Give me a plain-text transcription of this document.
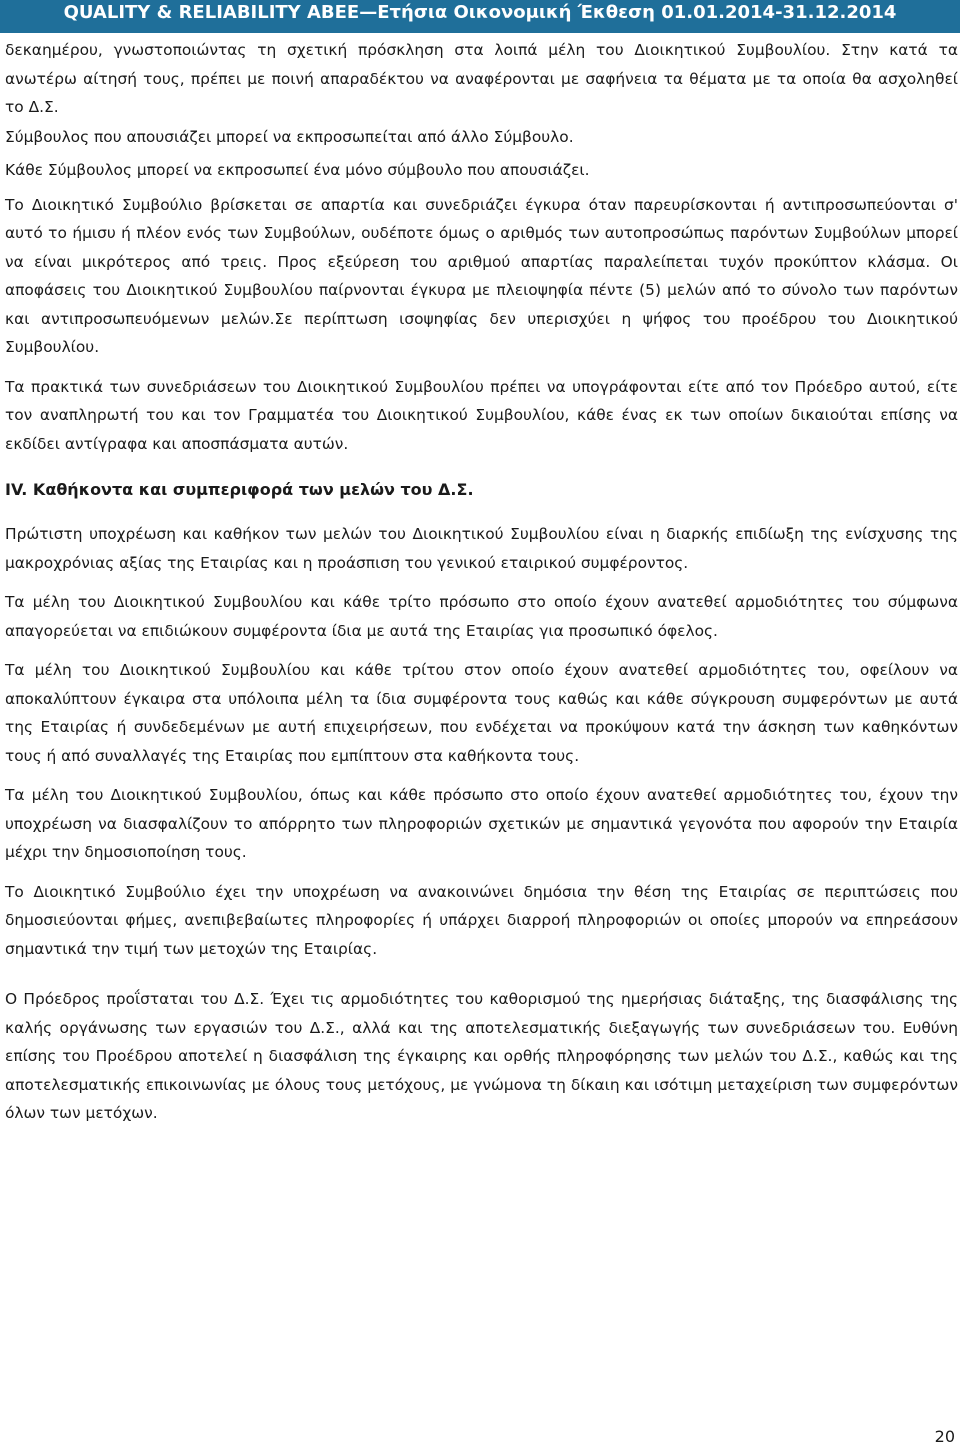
QUALITY & RELIABILITY ABEE—Ετήσια Οικονομική Έκθεση 01.01.2014-31.12.2014

δεκαημέρου, γνωστοποιώντας τη σχετική πρόσκληση στα λοιπά μέλη του Διοικητικού Συμβουλίου. Στην κατά τα ανωτέρω αίτησή τους, πρέπει με ποινή απαραδέκτου να αναφέρονται με σαφήνεια τα θέματα με τα οποία θα ασχοληθεί το Δ.Σ.

Σύμβουλος που απουσιάζει μπορεί να εκπροσωπείται από άλλο Σύμβουλο.

Κάθε Σύμβουλος μπορεί να εκπροσωπεί ένα μόνο σύμβουλο που απουσιάζει.

Το Διοικητικό Συμβούλιο βρίσκεται σε απαρτία και συνεδριάζει έγκυρα όταν παρευρίσκονται ή αντιπροσωπεύονται σ' αυτό το ήμισυ ή πλέον ενός των Συμβούλων, ουδέποτε όμως ο αριθμός των αυτοπροσώπως παρόντων Συμβούλων μπορεί να είναι μικρότερος από τρεις. Προς εξεύρεση του αριθμού απαρτίας παραλείπεται τυχόν προκύπτον κλάσμα. Οι αποφάσεις του Διοικητικού Συμβουλίου παίρνονται έγκυρα με πλειοψηφία πέντε (5) μελών από το σύνολο των παρόντων και αντιπροσωπευόμενων μελών.Σε περίπτωση ισοψηφίας δεν υπερισχύει η ψήφος του προέδρου του Διοικητικού Συμβουλίου.

Τα πρακτικά των συνεδριάσεων του Διοικητικού Συμβουλίου πρέπει να υπογράφονται είτε από τον Πρόεδρο αυτού, είτε τον αναπληρωτή του και τον Γραμματέα του Διοικητικού Συμβουλίου, κάθε ένας εκ των οποίων δικαιούται επίσης να εκδίδει αντίγραφα και αποσπάσματα αυτών.

IV. Καθήκοντα και συμπεριφορά των μελών του Δ.Σ.

Πρώτιστη υποχρέωση και καθήκον των μελών του Διοικητικού Συμβουλίου είναι η διαρκής επιδίωξη της ενίσχυσης της μακροχρόνιας αξίας της Εταιρίας και η προάσπιση του γενικού εταιρικού συμφέροντος.

Τα μέλη του Διοικητικού Συμβουλίου και κάθε τρίτο πρόσωπο στο οποίο έχουν ανατεθεί αρμοδιότητες του σύμφωνα απαγορεύεται να επιδιώκουν συμφέροντα ίδια με αυτά της Εταιρίας για προσωπικό όφελος.

Τα μέλη του Διοικητικού Συμβουλίου και κάθε τρίτου στον οποίο έχουν ανατεθεί αρμοδιότητες του, οφείλουν να αποκαλύπτουν έγκαιρα στα υπόλοιπα μέλη τα ίδια συμφέροντα τους καθώς και κάθε σύγκρουση συμφερόντων με αυτά της Εταιρίας ή συνδεδεμένων με αυτή επιχειρήσεων, που ενδέχεται να προκύψουν κατά την άσκηση των καθηκόντων τους ή από συναλλαγές της Εταιρίας που εμπίπτουν στα καθήκοντα τους.

Τα μέλη του Διοικητικού Συμβουλίου, όπως και κάθε πρόσωπο στο οποίο έχουν ανατεθεί αρμοδιότητες του, έχουν την υποχρέωση να διασφαλίζουν το απόρρητο των πληροφοριών σχετικών με σημαντικά γεγονότα που αφορούν την Εταιρία μέχρι την δημοσιοποίηση τους.

Το Διοικητικό Συμβούλιο έχει την υποχρέωση να ανακοινώνει δημόσια την θέση της Εταιρίας σε περιπτώσεις που δημοσιεύονται φήμες, ανεπιβεβαίωτες πληροφορίες ή υπάρχει διαρροή πληροφοριών οι οποίες μπορούν να επηρεάσουν σημαντικά την τιμή των μετοχών της Εταιρίας.

Ο Πρόεδρος προΐσταται του Δ.Σ. Έχει τις αρμοδιότητες του καθορισμού της ημερήσιας διάταξης, της διασφάλισης της καλής οργάνωσης των εργασιών του Δ.Σ., αλλά και της αποτελεσματικής διεξαγωγής των συνεδριάσεων του. Ευθύνη επίσης του Προέδρου αποτελεί η διασφάλιση της έγκαιρης και ορθής πληροφόρησης των μελών του Δ.Σ., καθώς και της αποτελεσματικής επικοινωνίας με όλους τους μετόχους, με γνώμονα τη δίκαιη και ισότιμη μεταχείριση των συμφερόντων όλων των μετόχων.

20
